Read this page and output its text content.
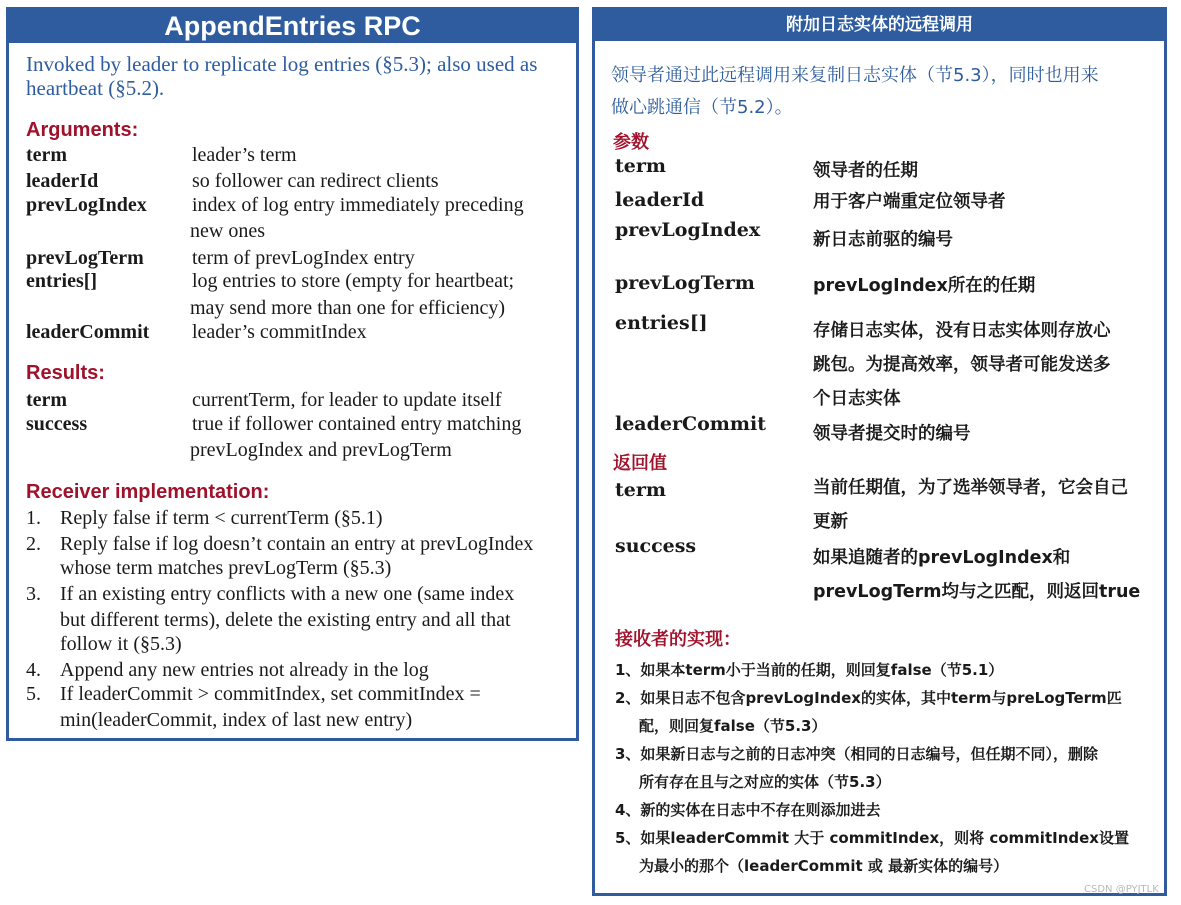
AppendEntries RPC
Invoked by leader to replicate log entries (§5.3); also used as
heartbeat (§5.2).
Arguments:
term	leader’s term
leaderId	so follower can redirect clients
prevLogIndex index of log entry immediately preceding
new ones
prevLogTerm term of prevLogIndex entry
entries[]	log entries to store (empty for heartbeat;
may send more than one for efficiency)
leaderCommit leader’s commitIndex
Results:
term	currentTerm, for leader to update itself
success	true if follower contained entry matching
prevLogIndex and prevLogTerm
Receiver implementation:
1. Reply false if term < currentTerm (§5.1)
2. Reply false if log doesn’t contain an entry at prevLogIndex
whose term matches prevLogTerm (§5.3)
3. If an existing entry conflicts with a new one (same index
but different terms), delete the existing entry and all that
follow it (§5.3)
4. Append any new entries not already in the log
5. If leaderCommit > commitIndex, set commitIndex =
min(leaderCommit, index of last new entry)
附加日志实体的远程调用
领导者通过此远程调用来复制日志实体（节5.3），同时也用来
做心跳通信（节5.2）。
参数
term	领导者的任期
leaderId	用于客户端重定位领导者
prevLogIndex	新日志前驱的编号
prevLogTerm	prevLogIndex所在的任期
entries[]	存储日志实体，没有日志实体则存放心
跳包。为提高效率，领导者可能发送多
个日志实体
leaderCommit	领导者提交时的编号
返回值
term	当前任期值，为了选举领导者，它会自己
更新
success
如果追随者的prevLogIndex和
prevLogTerm均与之匹配，则返回true
接收者的实现：
1、如果本term小于当前的任期，则回复false（节5.1）
2、如果日志不包含prevLogIndex的实体，其中term与preLogTerm匹
配，则回复false（节5.3）
3、如果新日志与之前的日志冲突（相同的日志编号，但任期不同），删除
所有存在且与之对应的实体（节5.3）
4、新的实体在日志中不存在则添加进去
5、如果leaderCommit 大于 commitIndex，则将 commitIndex设置
为最小的那个（leaderCommit 或 最新实体的编号）
CSDN @PYJTLK
